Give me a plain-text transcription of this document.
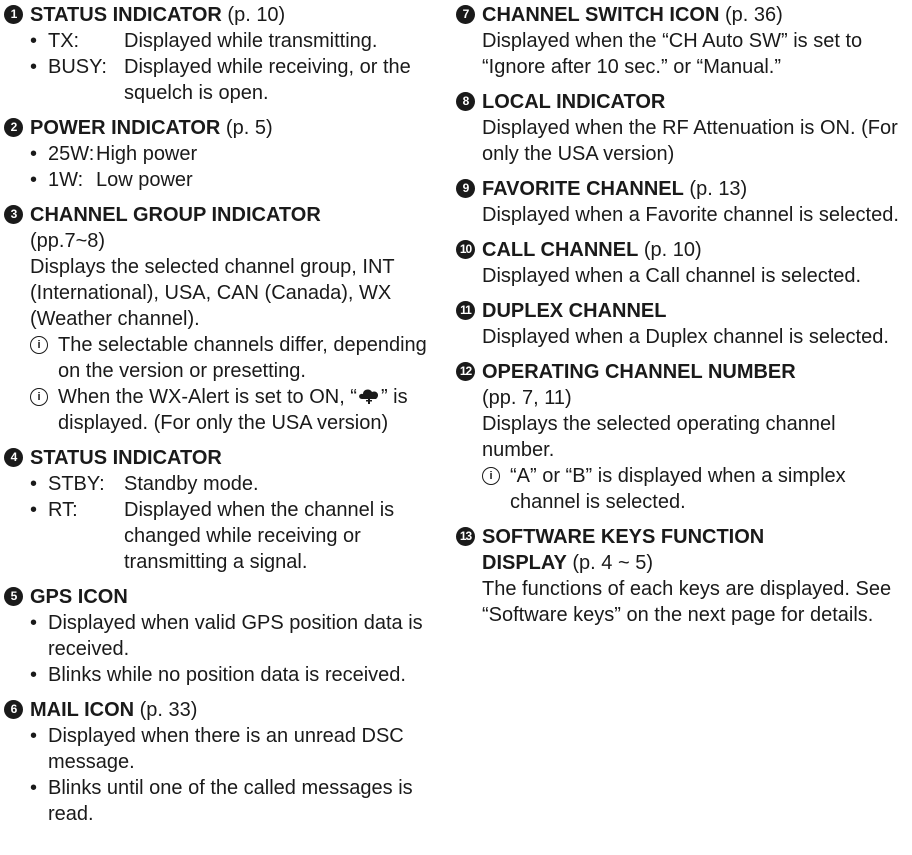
1 STATUS INDICATOR (p. 10)
• TX:	Displayed while transmitting.
• BUSY: Displayed while receiving, or the squelch is open.
2 POWER INDICATOR (p. 5)
• 25W: High power
• 1W: Low power
3 CHANNEL GROUP INDICATOR
(pp.7~8)
Displays the selected channel group, INT (International), USA, CAN (Canada), WX (Weather channel).
i The selectable channels differ, depending on the version or presetting.
i When the WX-Alert is set to ON, “ ” is displayed. (For only the USA version)
4 STATUS INDICATOR
• STBY: Standby mode.
• RT:	Displayed when the channel is changed while receiving or transmitting a signal.
5 GPS ICON
• Displayed when valid GPS position data is received.
• Blinks while no position data is received.
6 MAIL ICON (p. 33)
• Displayed when there is an unread DSC message.
• Blinks until one of the called messages is read.
7 CHANNEL SWITCH ICON (p. 36)
Displayed when the “CH Auto SW” is set to “Ignore after 10 sec.” or “Manual.”
8 LOCAL INDICATOR
Displayed when the RF Attenuation is ON. (For only the USA version)
9 FAVORITE CHANNEL (p. 13)
Displayed when a Favorite channel is selected.
10 CALL CHANNEL (p. 10)
Displayed when a Call channel is selected.
11 DUPLEX CHANNEL
Displayed when a Duplex channel is selected.
12 OPERATING CHANNEL NUMBER
(pp. 7, 11)
Displays the selected operating channel number.
i “A” or “B” is displayed when a simplex channel is selected.
13 SOFTWARE KEYS FUNCTION
DISPLAY (p. 4 ~ 5)
The functions of each keys are displayed. See “Software keys” on the next page for details.
